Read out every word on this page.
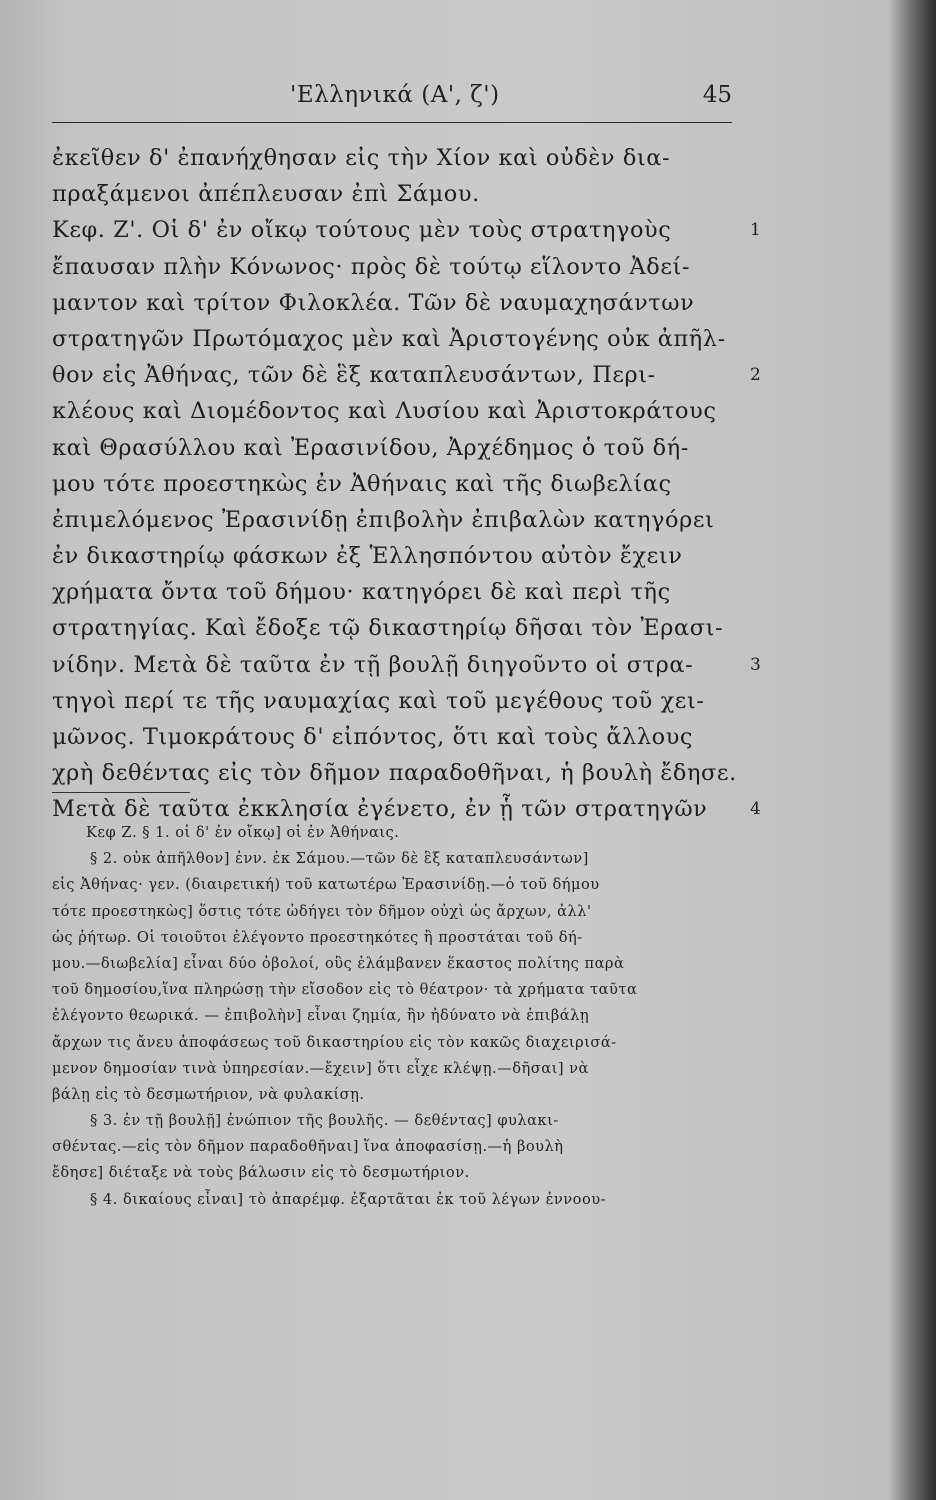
'Ελληνικά (Α', ζ')	45
ἐκεῖθεν δ' ἐπανήχθησαν εἰς τὴν Χίον καὶ οὐδὲν δια-
πραξάμενοι ἀπέπλευσαν ἐπὶ Σάμου.
Κεφ. Ζ'. Οἱ δ' ἐν οἴκῳ τούτους μὲν τοὺς στρατηγοὺς	1
ἔπαυσαν πλὴν Κόνωνος· πρὸς δὲ τούτῳ εἵλοντο Ἀδεί-
μαντον καὶ τρίτον Φιλοκλέα. Τῶν δὲ ναυμαχησάντων
στρατηγῶν Πρωτόμαχος μὲν καὶ Ἀριστογένης οὐκ ἀπῆλ-
θον εἰς Ἀθήνας, τῶν δὲ ἓξ καταπλευσάντων, Περι-	2
κλέους καὶ Διομέδοντος καὶ Λυσίου καὶ Ἀριστοκράτους
καὶ Θρασύλλου καὶ Ἐρασινίδου, Ἀρχέδημος ὁ τοῦ δή-
μου τότε προεστηκὼς ἐν Ἀθήναις καὶ τῆς διωβελίας
ἐπιμελόμενος Ἐρασινίδῃ ἐπιβολὴν ἐπιβαλὼν κατηγόρει
ἐν δικαστηρίῳ φάσκων ἐξ Ἑλλησπόντου αὐτὸν ἔχειν
χρήματα ὄντα τοῦ δήμου· κατηγόρει δὲ καὶ περὶ τῆς
στρατηγίας. Καὶ ἔδοξε τῷ δικαστηρίῳ δῆσαι τὸν Ἐρασι-
νίδην. Μετὰ δὲ ταῦτα ἐν τῇ βουλῇ διηγοῦντο οἱ στρα-	3
τηγοὶ περί τε τῆς ναυμαχίας καὶ τοῦ μεγέθους τοῦ χει-
μῶνος. Τιμοκράτους δ' εἰπόντος, ὅτι καὶ τοὺς ἄλλους
χρὴ δεθέντας εἰς τὸν δῆμον παραδοθῆναι, ἡ βουλὴ ἔδησε.
Μετὰ δὲ ταῦτα ἐκκλησία ἐγένετο, ἐν ᾗ τῶν στρατηγῶν	4
Κεφ Ζ. § 1. οἱ δ' ἐν οἴκῳ] οἱ ἐν Ἀθήναις.
§ 2. οὐκ ἀπῆλθον] ἐνν. ἐκ Σάμου.—τῶν δὲ ἓξ καταπλευσάντων]
εἰς Ἀθήνας· γεν. (διαιρετική) τοῦ κατωτέρω Ἐρασινίδῃ.—ὁ τοῦ δήμου
τότε προεστηκὼς] ὅστις τότε ὡδήγει τὸν δῆμον οὐχὶ ὡς ἄρχων, ἀλλ'
ὡς ῥήτωρ. Οἱ τοιοῦτοι ἐλέγοντο προεστηκότες ἢ προστάται τοῦ δή-
μου.—διωβελία] εἶναι δύο ὀβολοί, οὓς ἐλάμβανεν ἕκαστος πολίτης παρὰ
τοῦ δημοσίου,ἵνα πληρώσῃ τὴν εἴσοδον εἰς τὸ θέατρον· τὰ χρήματα ταῦτα
ἐλέγοντο θεωρικά. — ἐπιβολὴν] εἶναι ζημία, ἣν ἠδύνατο νὰ ἐπιβάλῃ
ἄρχων τις ἄνευ ἀποφάσεως τοῦ δικαστηρίου εἰς τὸν κακῶς διαχειρισά-
μενον δημοσίαν τινὰ ὑπηρεσίαν.—ἔχειν] ὅτι εἶχε κλέψῃ.—δῆσαι] νὰ
βάλῃ εἰς τὸ δεσμωτήριον, νὰ φυλακίσῃ.
§ 3. ἐν τῇ βουλῇ] ἐνώπιον τῆς βουλῆς. — δεθέντας] φυλακι-
σθέντας.—εἰς τὸν δῆμον παραδοθῆναι] ἵνα ἀποφασίσῃ.—ἡ βουλὴ
ἔδησε] διέταξε νὰ τοὺς βάλωσιν εἰς τὸ δεσμωτήριον.
§ 4. δικαίους εἶναι] τὸ ἀπαρέμφ. ἐξαρτᾶται ἐκ τοῦ λέγων ἐννοου-
